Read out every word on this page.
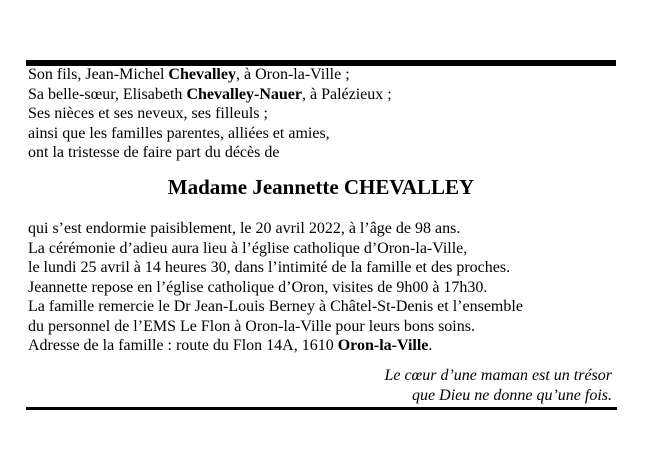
Son fils, Jean-Michel Chevalley, à Oron-la-Ville ;
Sa belle-sœur, Elisabeth Chevalley-Nauer, à Palézieux ;
Ses nièces et ses neveux, ses filleuls ;
ainsi que les familles parentes, alliées et amies,
ont la tristesse de faire part du décès de
Madame Jeannette CHEVALLEY
qui s’est endormie paisiblement, le 20 avril 2022, à l’âge de 98 ans.
La cérémonie d’adieu aura lieu à l’église catholique d’Oron-la-Ville,
le lundi 25 avril à 14 heures 30, dans l’intimité de la famille et des proches.
Jeannette repose en l’église catholique d’Oron, visites de 9h00 à 17h30.
La famille remercie le Dr Jean-Louis Berney à Châtel-St-Denis et l’ensemble
du personnel de l’EMS Le Flon à Oron-la-Ville pour leurs bons soins.
Adresse de la famille : route du Flon 14A, 1610 Oron-la-Ville.
Le cœur d’une maman est un trésor
que Dieu ne donne qu’une fois.
